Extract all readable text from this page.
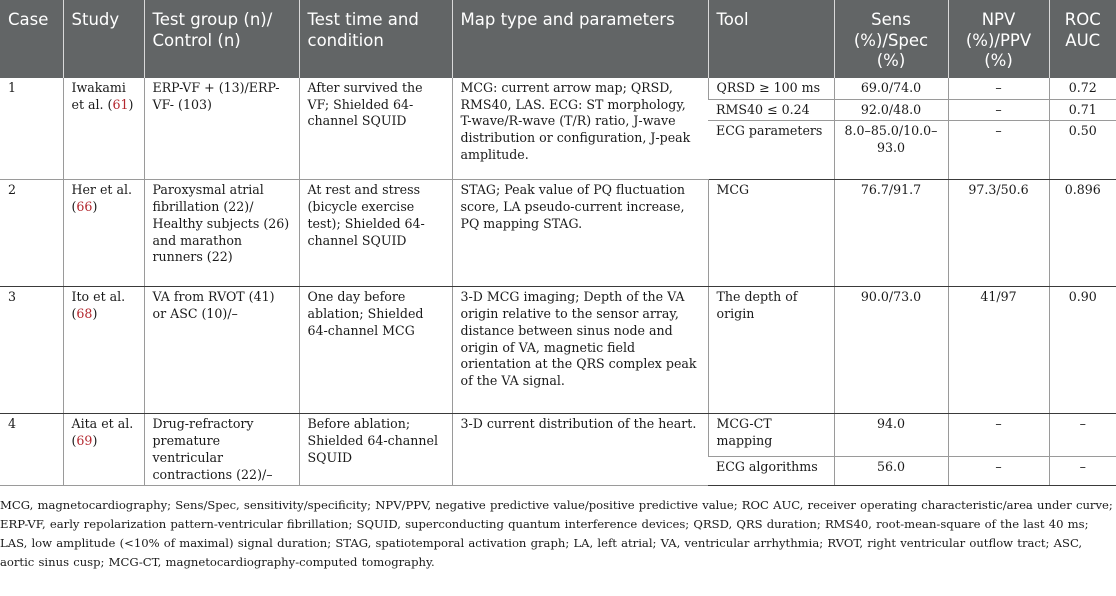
Case	Study	Test group (n)/ Control (n)	Test time and condition	Map type and parameters	Tool	Sens (%)/Spec (%)	NPV (%)/PPV (%)	ROC AUC
1	Iwakami et al. (61)	ERP-VF + (13)/ERP-VF- (103)	After survived the VF; Shielded 64-channel SQUID	MCG: current arrow map; QRSD, RMS40, LAS. ECG: ST morphology, T-wave/R-wave (T/R) ratio, J-wave distribution or configuration, J-peak amplitude.	QRSD ≥ 100 ms	69.0/74.0	–	0.72
					RMS40 ≤ 0.24	92.0/48.0	–	0.71
					ECG parameters	8.0–85.0/10.0–93.0	–	0.50
2	Her et al. (66)	Paroxysmal atrial fibrillation (22)/ Healthy subjects (26) and marathon runners (22)	At rest and stress (bicycle exercise test); Shielded 64-channel SQUID	STAG; Peak value of PQ fluctuation score, LA pseudo-current increase, PQ mapping STAG.	MCG	76.7/91.7	97.3/50.6	0.896
3	Ito et al. (68)	VA from RVOT (41) or ASC (10)/–	One day before ablation; Shielded 64-channel MCG	3-D MCG imaging; Depth of the VA origin relative to the sensor array, distance between sinus node and origin of VA, magnetic field orientation at the QRS complex peak of the VA signal.	The depth of origin	90.0/73.0	41/97	0.90
4	Aita et al. (69)	Drug-refractory premature ventricular contractions (22)/–	Before ablation; Shielded 64-channel SQUID	3-D current distribution of the heart.	MCG-CT mapping	94.0	–	–
					ECG algorithms	56.0	–	–

MCG, magnetocardiography; Sens/Spec, sensitivity/specificity; NPV/PPV, negative predictive value/positive predictive value; ROC AUC, receiver operating characteristic/area under curve; ERP-VF, early repolarization pattern-ventricular fibrillation; SQUID, superconducting quantum interference devices; QRSD, QRS duration; RMS40, root-mean-square of the last 40 ms; LAS, low amplitude (<10% of maximal) signal duration; STAG, spatiotemporal activation graph; LA, left atrial; VA, ventricular arrhythmia; RVOT, right ventricular outflow tract; ASC, aortic sinus cusp; MCG-CT, magnetocardiography-computed tomography.
